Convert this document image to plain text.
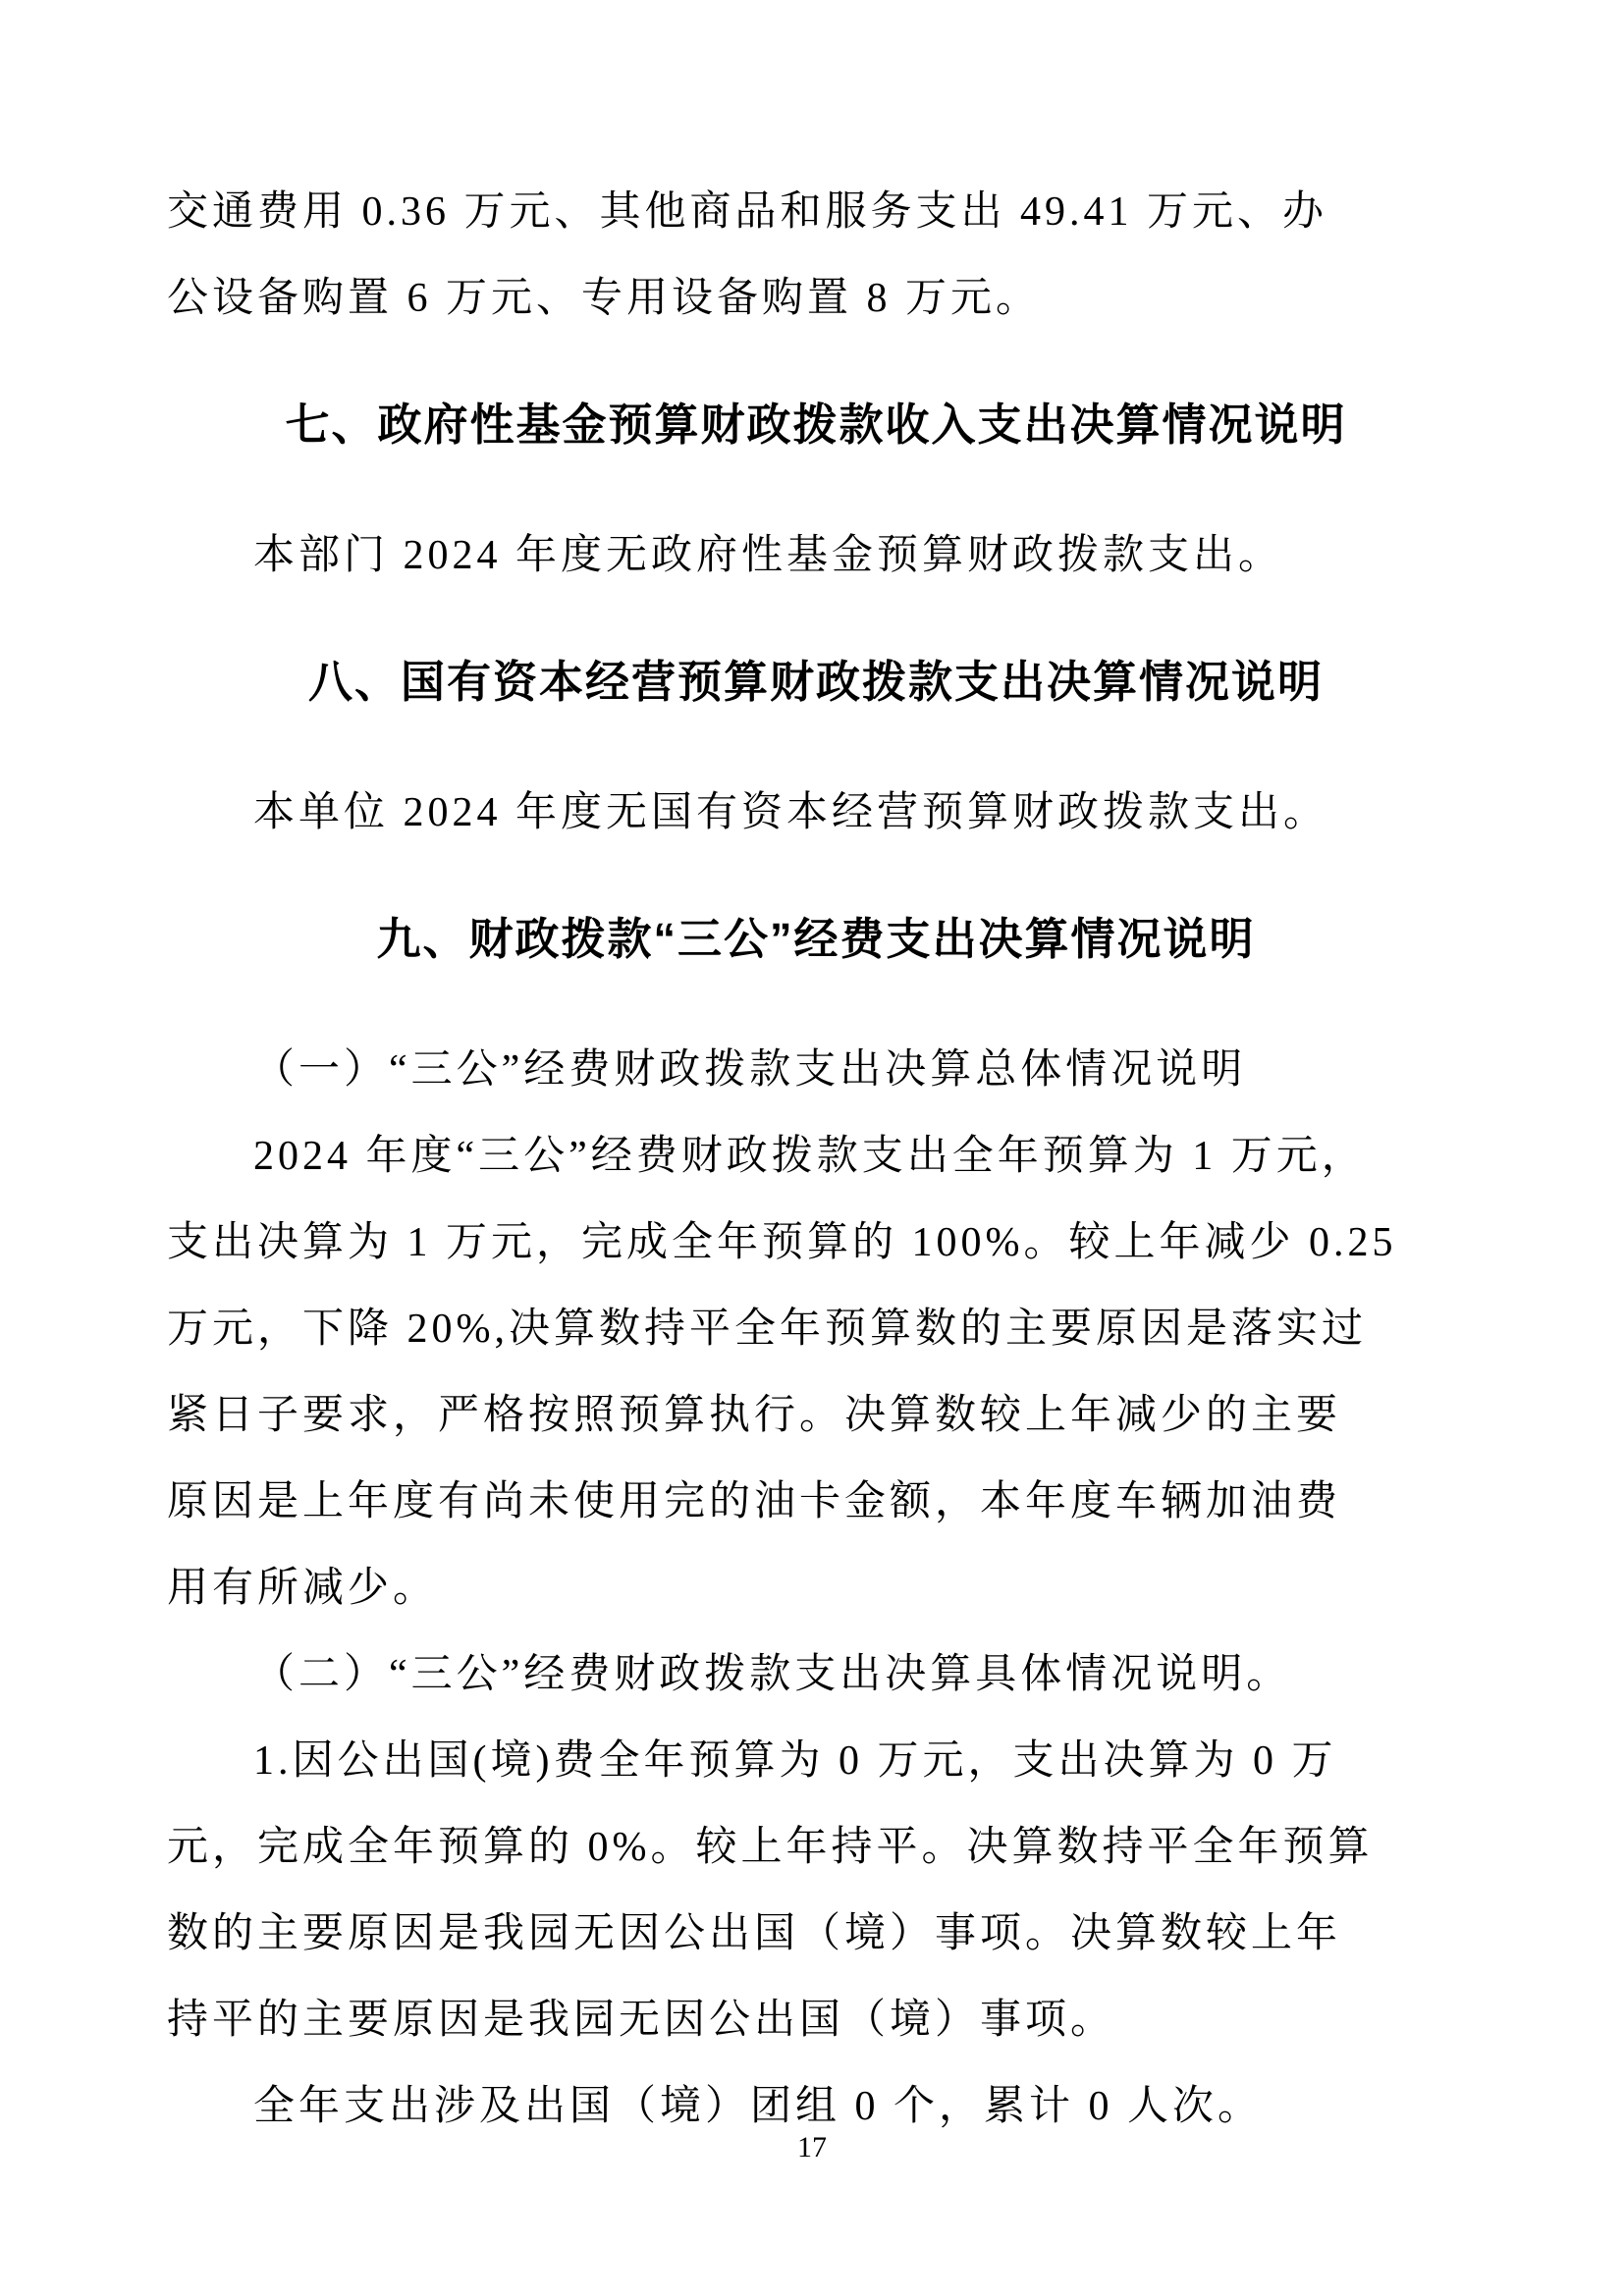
交通费用 0.36 万元、其他商品和服务支出 49.41 万元、办
公设备购置 6 万元、专用设备购置 8 万元。
七、政府性基金预算财政拨款收入支出决算情况说明
本部门 2024 年度无政府性基金预算财政拨款支出。
八、国有资本经营预算财政拨款支出决算情况说明
本单位 2024 年度无国有资本经营预算财政拨款支出。
九、财政拨款“三公”经费支出决算情况说明
（一）“三公”经费财政拨款支出决算总体情况说明
2024 年度“三公”经费财政拨款支出全年预算为 1 万元，
支出决算为 1 万元，完成全年预算的 100%。较上年减少 0.25
万元，下降 20%,决算数持平全年预算数的主要原因是落实过
紧日子要求，严格按照预算执行。决算数较上年减少的主要
原因是上年度有尚未使用完的油卡金额，本年度车辆加油费
用有所减少。
（二）“三公”经费财政拨款支出决算具体情况说明。
1.因公出国(境)费全年预算为 0 万元，支出决算为 0 万
元，完成全年预算的 0%。较上年持平。决算数持平全年预算
数的主要原因是我园无因公出国（境）事项。决算数较上年
持平的主要原因是我园无因公出国（境）事项。
全年支出涉及出国（境）团组 0 个，累计 0 人次。
17
